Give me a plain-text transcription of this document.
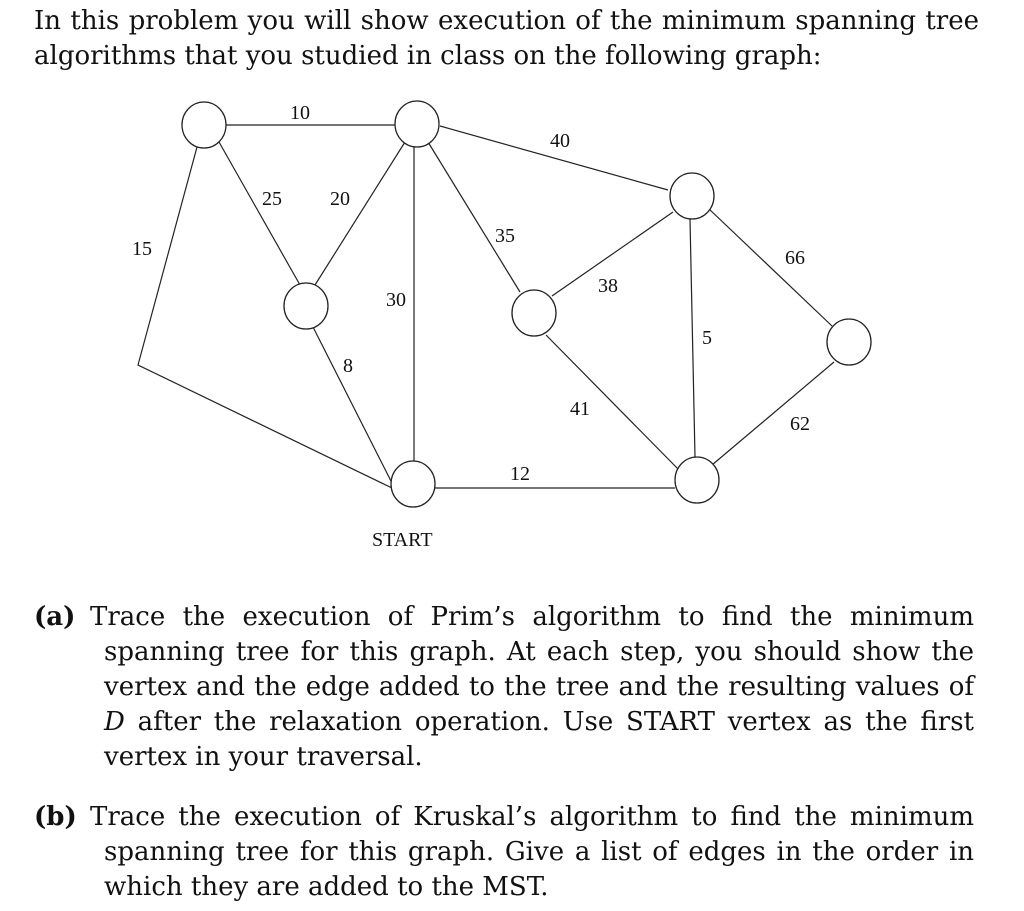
In this problem you will show execution of the minimum spanning tree algorithms that you studied in class on the following graph:
10
25 20
15
30
40
35
38
66
5
8
41
62
12
START
(a) Trace the execution of Prim’s algorithm to find the minimum spanning tree for this graph. At each step, you should show the vertex and the edge added to the tree and the resulting values of D after the relaxation operation. Use START vertex as the first vertex in your traversal.
(b) Trace the execution of Kruskal’s algorithm to find the minimum spanning tree for this graph. Give a list of edges in the order in which they are added to the MST.
